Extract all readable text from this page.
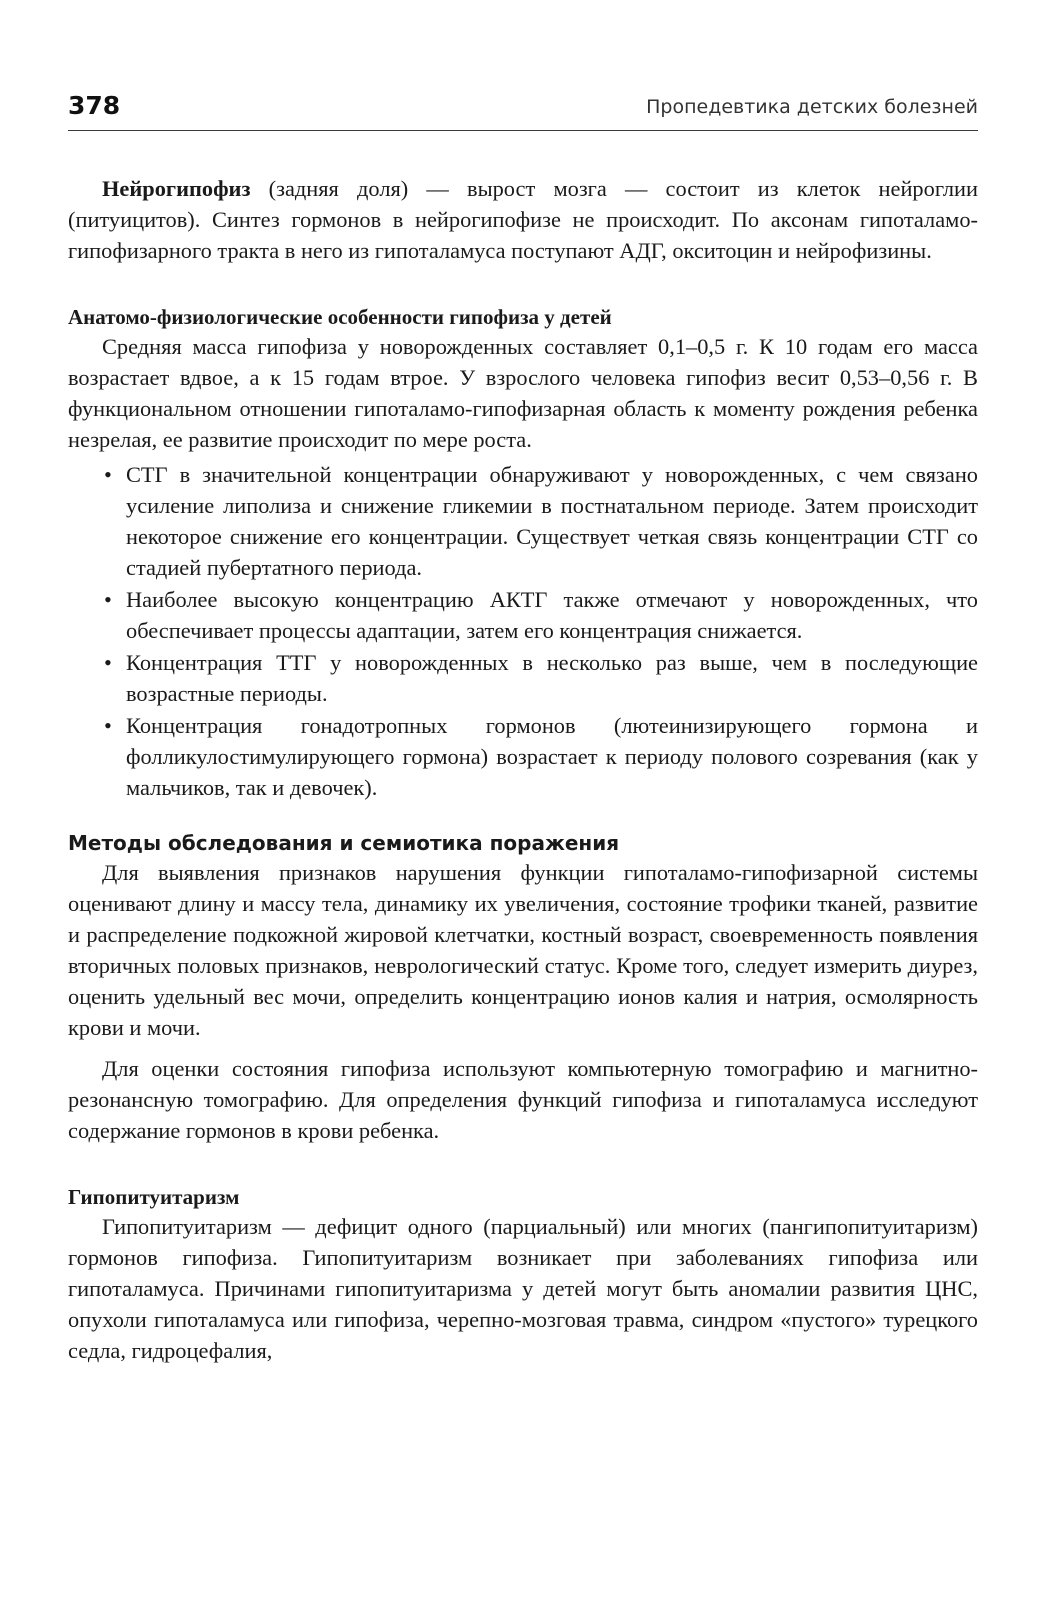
378	Пропедевтика детских болезней

Нейрогипофиз (задняя доля) — вырост мозга — состоит из клеток нейроглии (питуицитов). Синтез гормонов в нейрогипофизе не происходит. По аксонам гипоталамо-гипофизарного тракта в него из гипоталамуса поступают АДГ, окситоцин и нейрофизины.

Анатомо-физиологические особенности гипофиза у детей

Средняя масса гипофиза у новорожденных составляет 0,1–0,5 г. К 10 годам его масса возрастает вдвое, а к 15 годам втрое. У взрослого человека гипофиз весит 0,53–0,56 г. В функциональном отношении гипоталамо-гипофизарная область к моменту рождения ребенка незрелая, ее развитие происходит по мере роста.

• СТГ в значительной концентрации обнаруживают у новорожденных, с чем связано усиление липолиза и снижение гликемии в постнатальном периоде. Затем происходит некоторое снижение его концентрации. Существует четкая связь концентрации СТГ со стадией пубертатного периода.
• Наиболее высокую концентрацию АКТГ также отмечают у новорожденных, что обеспечивает процессы адаптации, затем его концентрация снижается.
• Концентрация ТТГ у новорожденных в несколько раз выше, чем в последующие возрастные периоды.
• Концентрация гонадотропных гормонов (лютеинизирующего гормона и фолликулостимулирующего гормона) возрастает к периоду полового созревания (как у мальчиков, так и девочек).
Методы обследования и семиотика поражения

Для выявления признаков нарушения функции гипоталамо-гипофизарной системы оценивают длину и массу тела, динамику их увеличения, состояние трофики тканей, развитие и распределение подкожной жировой клетчатки, костный возраст, своевременность появления вторичных половых признаков, неврологический статус. Кроме того, следует измерить диурез, оценить удельный вес мочи, определить концентрацию ионов калия и натрия, осмолярность крови и мочи.

Для оценки состояния гипофиза используют компьютерную томографию и магнитно-резонансную томографию. Для определения функций гипофиза и гипоталамуса исследуют содержание гормонов в крови ребенка.

Гипопитуитаризм

Гипопитуитаризм — дефицит одного (парциальный) или многих (пангипопитуитаризм) гормонов гипофиза. Гипопитуитаризм возникает при заболеваниях гипофиза или гипоталамуса. Причинами гипопитуитаризма у детей могут быть аномалии развития ЦНС, опухоли гипоталамуса или гипофиза, черепно-мозговая травма, синдром «пустого» турецкого седла, гидроцефалия,
